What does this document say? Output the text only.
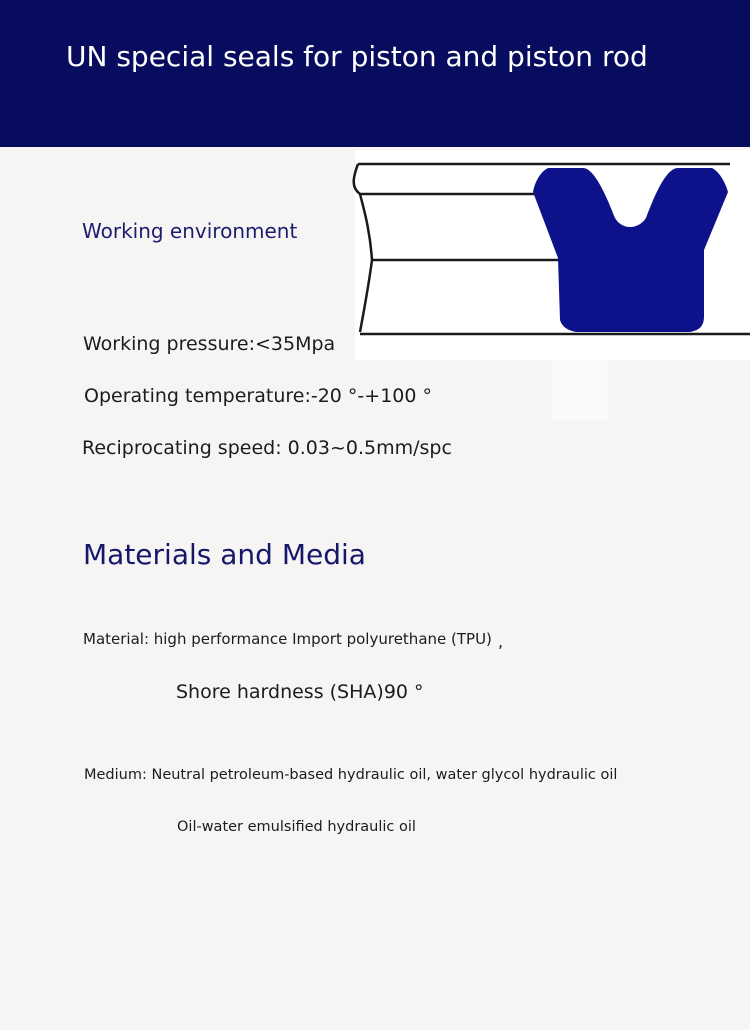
UN special seals for piston and piston rod
Working environment
Working pressure:<35Mpa
Operating temperature:-20 °-+100 °
Reciprocating speed: 0.03~0.5mm/spc
Materials and Media
Material: high performance Import polyurethane (TPU) ,
Shore hardness (SHA)90 °
Medium: Neutral petroleum-based hydraulic oil, water glycol hydraulic oil
Oil-water emulsified hydraulic oil
